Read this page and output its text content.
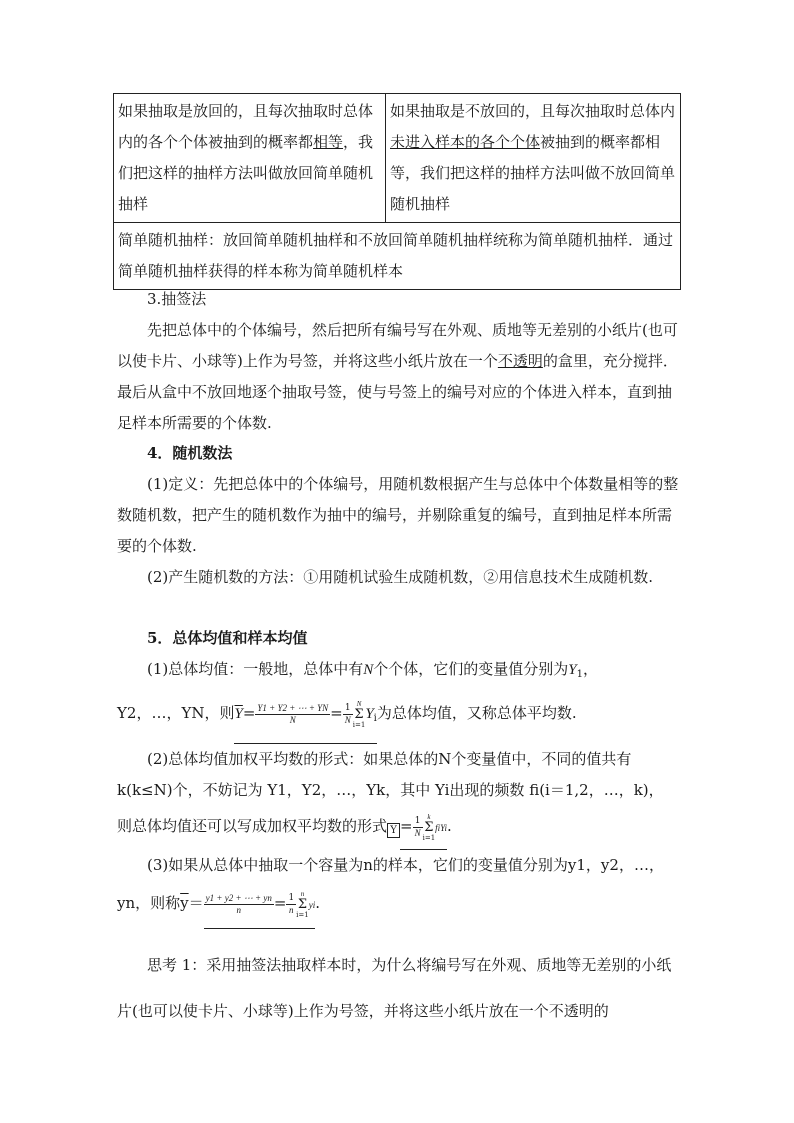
如果抽取是放回的，且每次抽取时总体内的各个个体被抽到的概率都相等，我们把这样的抽样方法叫做放回简单随机抽样	如果抽取是不放回的，且每次抽取时总体内未进入样本的各个个体被抽到的概率都相等，我们把这样的抽样方法叫做不放回简单随机抽样
简单随机抽样：放回简单随机抽样和不放回简单随机抽样统称为简单随机抽样．通过简单随机抽样获得的样本称为简单随机样本
3.抽签法
先把总体中的个体编号，然后把所有编号写在外观、质地等无差别的小纸片(也可以使卡片、小球等)上作为号签，并将这些小纸片放在一个不透明的盒里，充分搅拌．最后从盒中不放回地逐个抽取号签，使与号签上的编号对应的个体进入样本，直到抽足样本所需要的个体数.
4．随机数法
(1)定义：先把总体中的个体编号，用随机数根据产生与总体中个体数量相等的整数随机数，把产生的随机数作为抽中的编号，并剔除重复的编号，直到抽足样本所需要的个体数.
(2)产生随机数的方法：①用随机试验生成随机数，②用信息技术生成随机数.
5．总体均值和样本均值
(1)总体均值：一般地，总体中有N个个体，它们的变量值分别为$Y_1$，
Y2，…，YN，则$\overline{Y}= \frac{Y1 + Y2 + \cdots + YN}{N} = \frac{1}{N}$ N
Σ
$i=1Y_i$为总体均值，又称总体平均数.
(2)总体均值加权平均数的形式：如果总体的N个变量值中，不同的值共有k(k≤N)个，不妨记为 Y1，Y2，…，Yk，其中 Yi出现的频数 fi(i＝1,2，…，k)，
则总体均值还可以写成加权平均数的形式 $Y = \frac{1}{N}$ k
Σ
i=1fiYi.
(3)如果从总体中抽取一个容量为n的样本，它们的变量值分别为y1，y2，…，
yn，则称$\overline{y}= \frac{y1 + y2 + \cdots + yn}{n} = \frac{1}{n}$ n
Σ
i=1yi.
思考 1：采用抽签法抽取样本时，为什么将编号写在外观、质地等无差别的小纸片(也可以使卡片、小球等)上作为号签，并将这些小纸片放在一个不透明的
